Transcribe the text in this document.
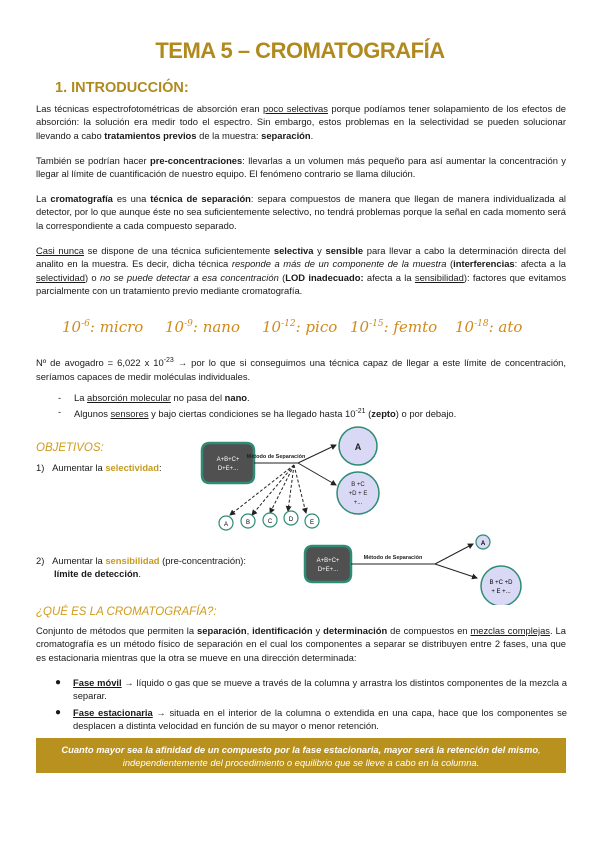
TEMA 5 – CROMATOGRAFÍA
1. INTRODUCCIÓN:
Las técnicas espectrofotométricas de absorción eran poco selectivas porque podíamos tener solapamiento de los efectos de absorción: la solución era medir todo el espectro. Sin embargo, estos problemas en la selectividad se pueden solucionar llevando a cabo tratamientos previos de la muestra: separación.
También se podrían hacer pre-concentraciones: llevarlas a un volumen más pequeño para así aumentar la concentración y llegar al límite de cuantificación de nuestro equipo. El fenómeno contrario se llama dilución.
La cromatografía es una técnica de separación: separa compuestos de manera que llegan de manera individualizada al detector, por lo que aunque éste no sea suficientemente selectivo, no tendrá problemas porque la señal en cada momento será la correspondiente a cada compuesto separado.
Casi nunca se dispone de una técnica suficientemente selectiva y sensible para llevar a cabo la determinación directa del analito en la muestra. Es decir, dicha técnica responde a más de un componente de la muestra (interferencias: afecta a la selectividad) o no se puede detectar a esa concentración (LOD inadecuado: afecta a la sensibilidad): factores que evitamos parcialmente con un tratamiento previo mediante cromatografía.
$10^{-6}$: micro $10^{-9}$: nano $10^{-12}$: pico $10^{-15}$: femto $10^{-18}$: ato
Nº de avogadro = 6,022 x $10^{-23}$ → por lo que si conseguimos una técnica capaz de llegar a este límite de concentración, seríamos capaces de medir moléculas individuales.
-	La absorción molecular no pasa del nano.
-	Algunos sensores y bajo ciertas condiciones se ha llegado hasta $10^{-21}$ (zepto) o por debajo.
OBJETIVOS:
1) Aumentar la selectividad:
A+B+C+
D+E+...
Método de Separación
A
B +C
+D + E
+...
A	B	C	D	E
2) Aumentar la sensibilidad (pre-concentración):
límite de detección.
A+B+C+
D+E+...
Método de Separación
A
B +C +D
+ E +...
¿QUÉ ES LA CROMATOGRAFÍA?:
Conjunto de métodos que permiten la separación, identificación y determinación de compuestos en mezclas complejas. La cromatografía es un método físico de separación en el cual los componentes a separar se distribuyen entre 2 fases, una que es estacionaria mientras que la otra se mueve en una dirección determinada:
●	Fase móvil → líquido o gas que se mueve a través de la columna y arrastra los distintos componentes de la mezcla a separar.
●	Fase estacionaria → situada en el interior de la columna o extendida en una capa, hace que los componentes se desplacen a distinta velocidad en función de su mayor o menor retención.
Cuanto mayor sea la afinidad de un compuesto por la fase estacionaria, mayor será la retención del mismo, independientemente del procedimiento o equilibrio que se lleve a cabo en la columna.
